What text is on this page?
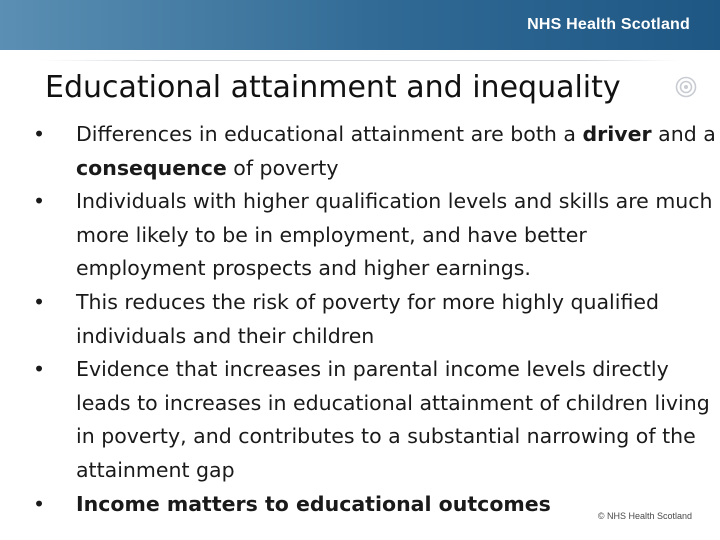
NHS Health Scotland
Educational attainment and inequality
• Differences in educational attainment are both a driver and a consequence of poverty
• Individuals with higher qualification levels and skills are much more likely to be in employment, and have better employment prospects and higher earnings.
• This reduces the risk of poverty for more highly qualified individuals and their children
• Evidence that increases in parental income levels directly leads to increases in educational attainment of children living in poverty, and contributes to a substantial narrowing of the attainment gap
• Income matters to educational outcomes
© NHS Health Scotland
